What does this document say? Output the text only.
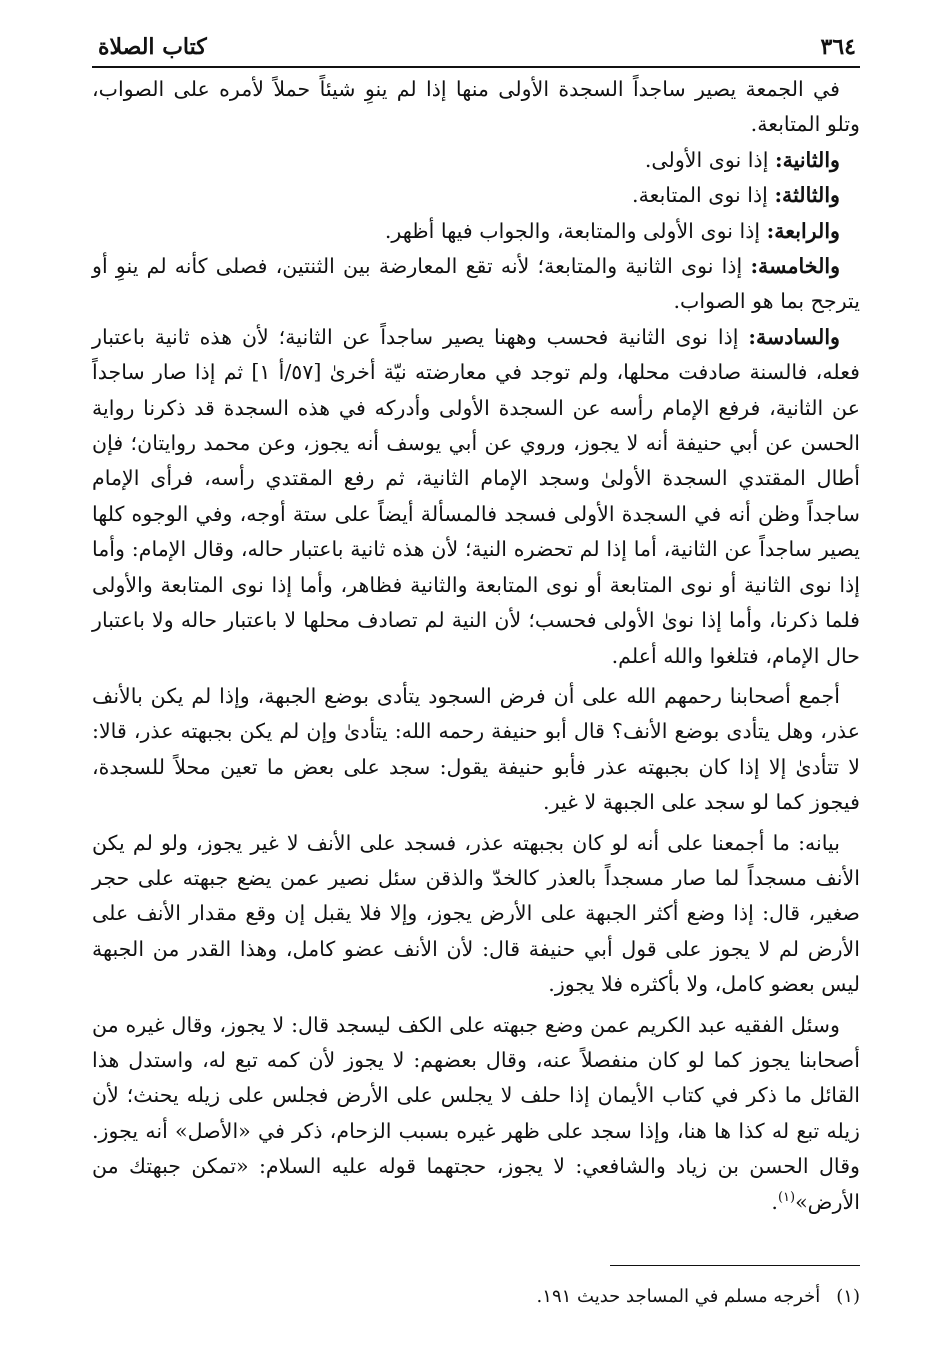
٣٦٤
كتاب الصلاة

في الجمعة يصير ساجداً السجدة الأولى منها إذا لم ينوِ شيئاً حملاً لأمره على الصواب، وتلو المتابعة.

والثانية: إذا نوى الأولى.

والثالثة: إذا نوى المتابعة.

والرابعة: إذا نوى الأولى والمتابعة، والجواب فيها أظهر.

والخامسة: إذا نوى الثانية والمتابعة؛ لأنه تقع المعارضة بين الثنتين، فصلى كأنه لم ينوِ أو يترجح بما هو الصواب.

والسادسة: إذا نوى الثانية فحسب وههنا يصير ساجداً عن الثانية؛ لأن هذه ثانية باعتبار فعله، فالسنة صادفت محلها، ولم توجد في معارضته نيّة أخرىٰ [٥٧/أ ١] ثم إذا صار ساجداً عن الثانية، فرفع الإمام رأسه عن السجدة الأولى وأدركه في هذه السجدة قد ذكرنا رواية الحسن عن أبي حنيفة أنه لا يجوز، وروي عن أبي يوسف أنه يجوز، وعن محمد روايتان؛ فإن أطال المقتدي السجدة الأولىٰ وسجد الإمام الثانية، ثم رفع المقتدي رأسه، فرأى الإمام ساجداً وظن أنه في السجدة الأولى فسجد فالمسألة أيضاً على ستة أوجه، وفي الوجوه كلها يصير ساجداً عن الثانية، أما إذا لم تحضره النية؛ لأن هذه ثانية باعتبار حاله، وقال الإمام: وأما إذا نوى الثانية أو نوى المتابعة أو نوى المتابعة والثانية فظاهر، وأما إذا نوى المتابعة والأولى فلما ذكرنا، وأما إذا نوىٰ الأولى فحسب؛ لأن النية لم تصادف محلها لا باعتبار حاله ولا باعتبار حال الإمام، فتلغوا والله أعلم.

أجمع أصحابنا رحمهم الله على أن فرض السجود يتأدى بوضع الجبهة، وإذا لم يكن بالأنف عذر، وهل يتأدى بوضع الأنف؟ قال أبو حنيفة رحمه الله: يتأدىٰ وإن لم يكن بجبهته عذر، قالا: لا تتأدىٰ إلا إذا كان بجبهته عذر فأبو حنيفة يقول: سجد على بعض ما تعين محلاً للسجدة، فيجوز كما لو سجد على الجبهة لا غير.

بيانه: ما أجمعنا على أنه لو كان بجبهته عذر، فسجد على الأنف لا غير يجوز، ولو لم يكن الأنف مسجداً لما صار مسجداً بالعذر كالخدّ والذقن سئل نصير عمن يضع جبهته على حجر صغير، قال: إذا وضع أكثر الجبهة على الأرض يجوز، وإلا فلا يقبل إن وقع مقدار الأنف على الأرض لم لا يجوز على قول أبي حنيفة قال: لأن الأنف عضو كامل، وهذا القدر من الجبهة ليس بعضو كامل، ولا بأكثره فلا يجوز.

وسئل الفقيه عبد الكريم عمن وضع جبهته على الكف ليسجد قال: لا يجوز، وقال غيره من أصحابنا يجوز كما لو كان منفصلاً عنه، وقال بعضهم: لا يجوز لأن كمه تبع له، واستدل هذا القائل ما ذكر في كتاب الأيمان إذا حلف لا يجلس على الأرض فجلس على زيله يحنث؛ لأن زيله تبع له كذا ها هنا، وإذا سجد على ظهر غيره بسبب الزحام، ذكر في «الأصل» أنه يجوز. وقال الحسن بن زياد والشافعي: لا يجوز، حجتهما قوله عليه السلام: «تمكن جبهتك من الأرض»$^{(١)}$.

(١)
أخرجه مسلم في المساجد حديث ١٩١.
